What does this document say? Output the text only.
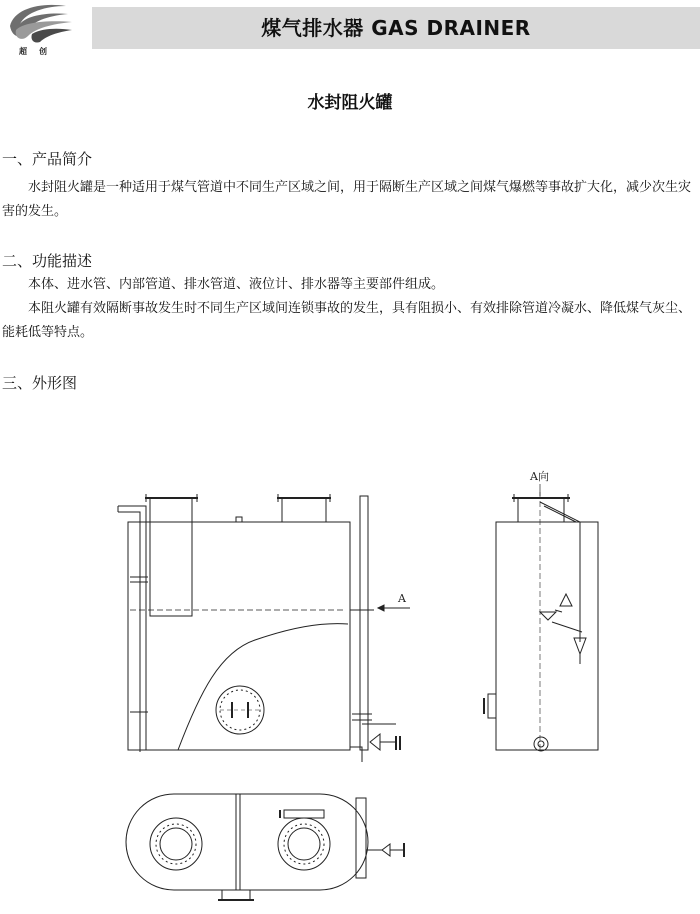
超创
煤气排水器 GAS DRAINER
水封阻火罐
一、产品简介
　　水封阻火罐是一种适用于煤气管道中不同生产区域之间，用于隔断生产区域之间煤气爆燃等事故扩大化，减少次生灾害的发生。
二、功能描述
　　本体、进水管、内部管道、排水管道、液位计、排水器等主要部件组成。
　　本阻火罐有效隔断事故发生时不同生产区域间连锁事故的发生，具有阻损小、有效排除管道冷凝水、降低煤气灰尘、能耗低等特点。
三、外形图
A
A向
